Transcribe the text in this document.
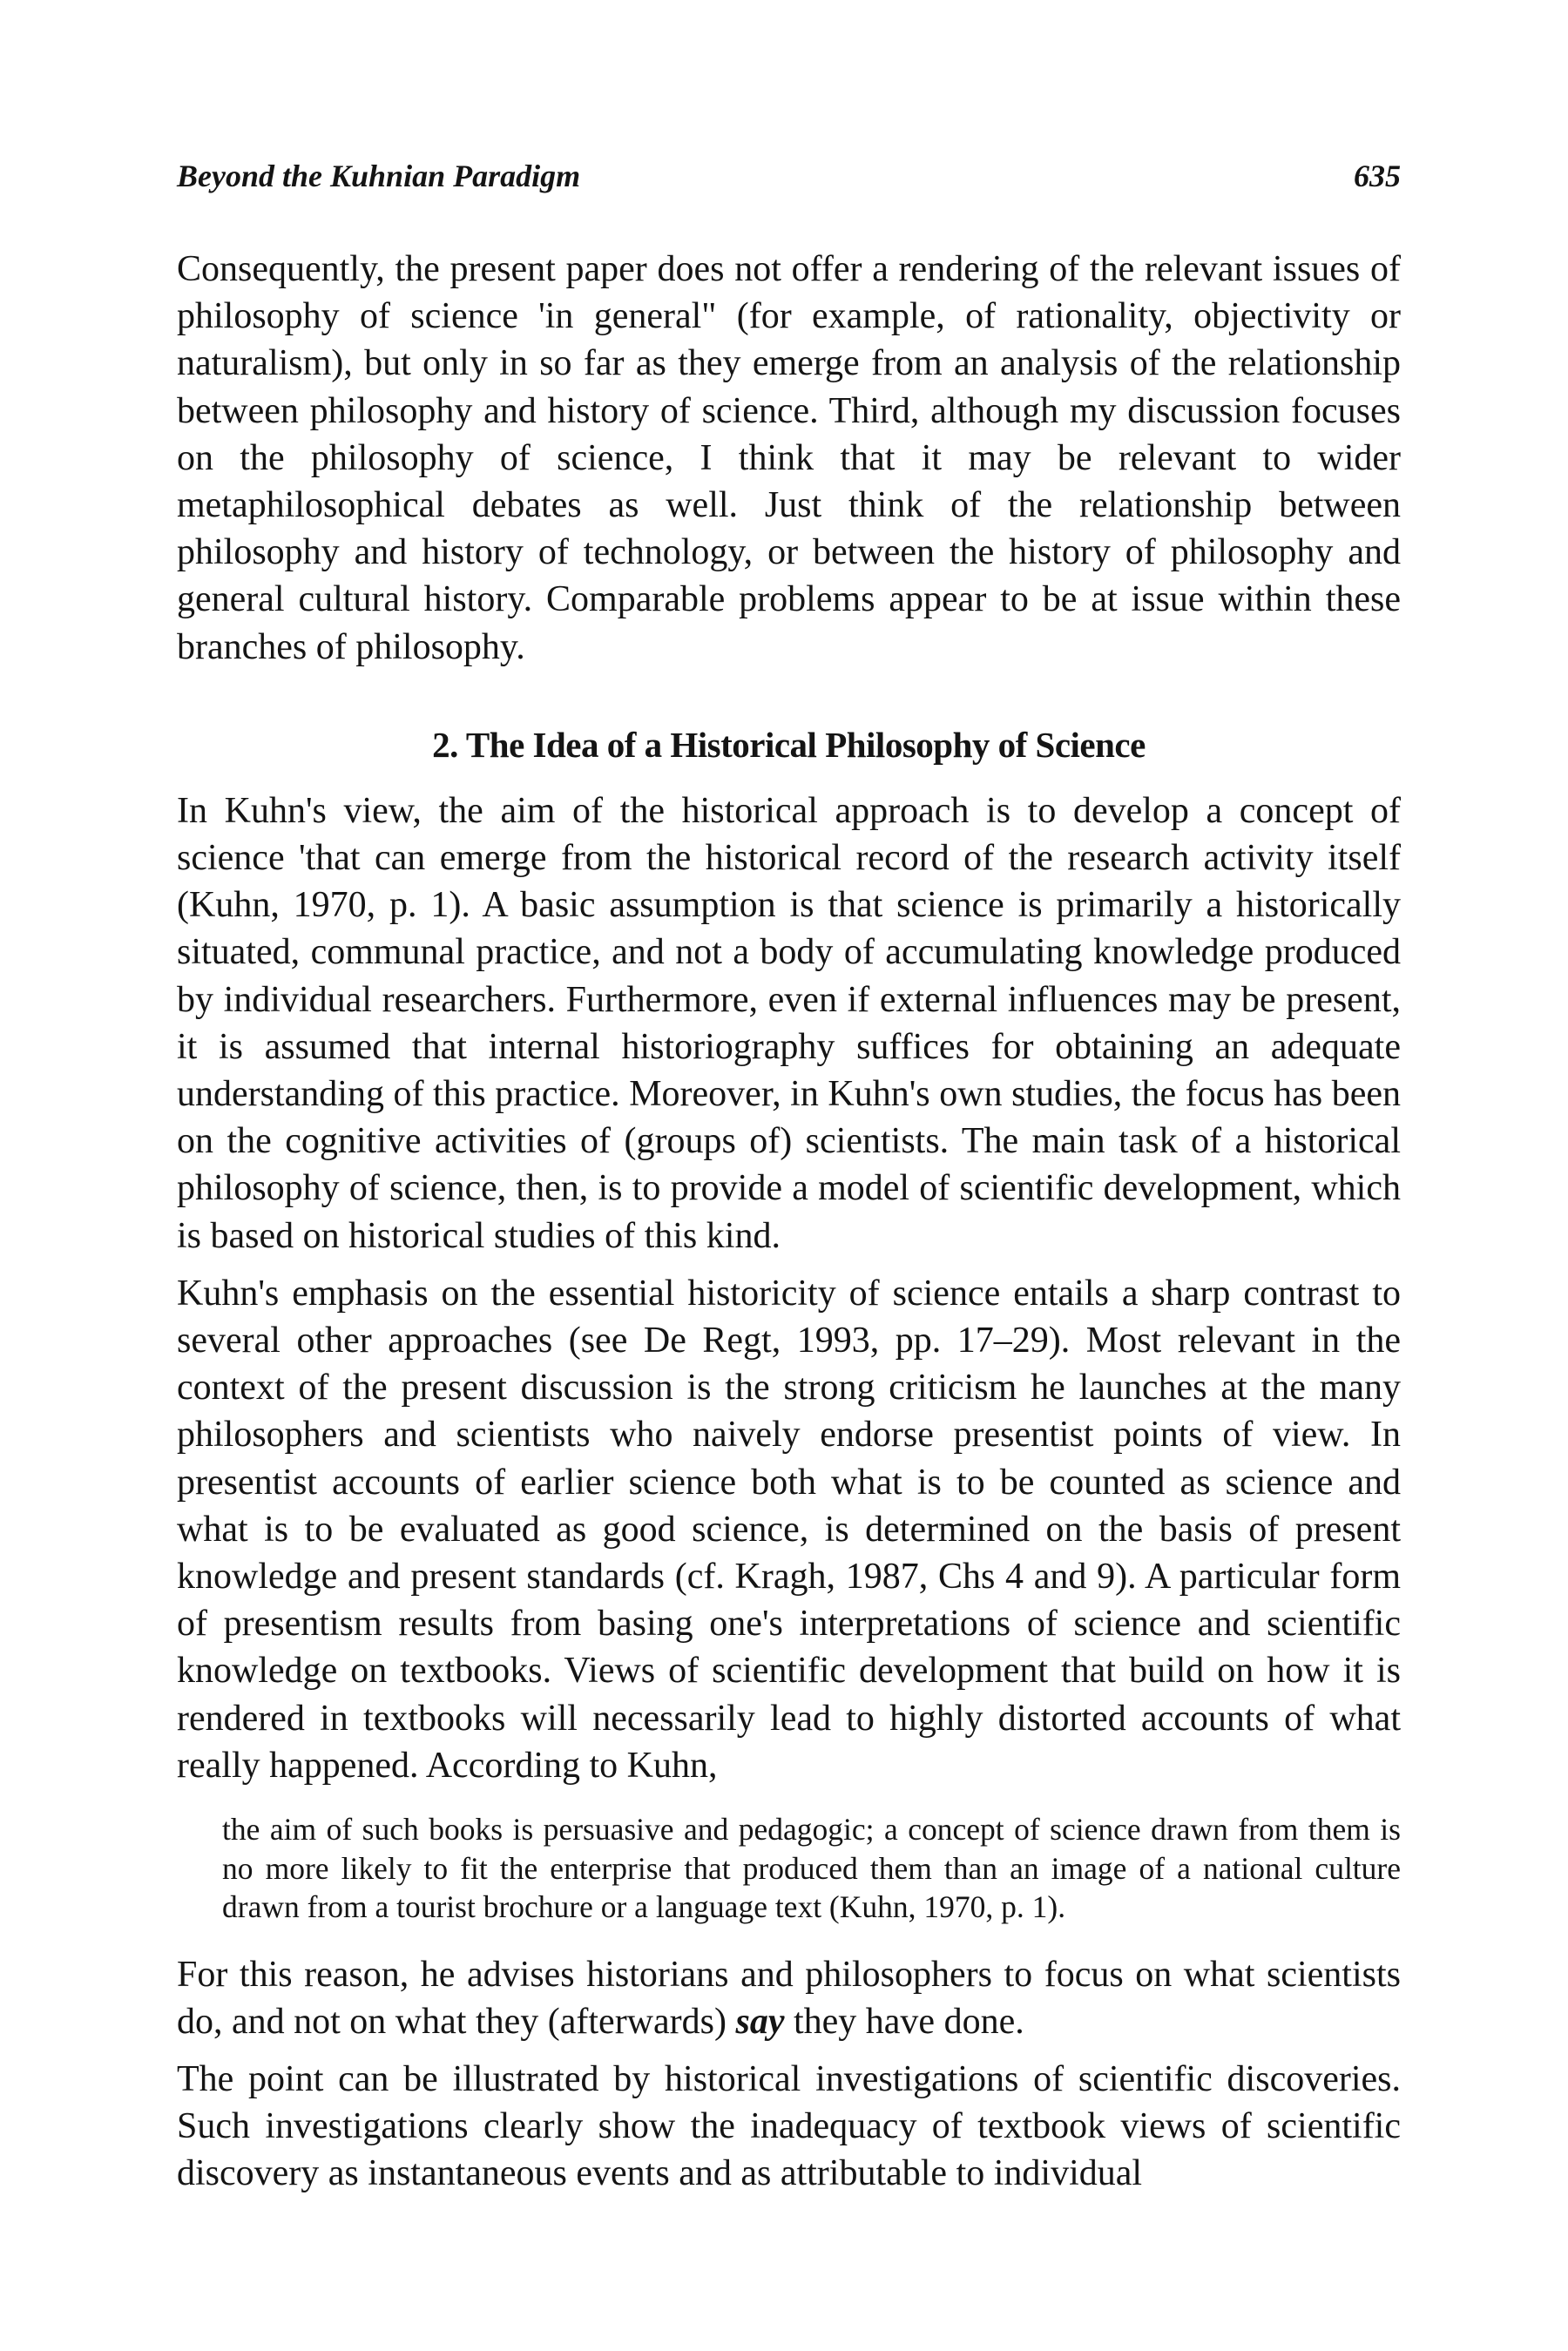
Beyond the Kuhnian Paradigm	635

Consequently, the present paper does not offer a rendering of the relevant issues of philosophy of science 'in general" (for example, of rationality, objectivity or naturalism), but only in so far as they emerge from an analysis of the relationship between philosophy and history of science. Third, although my discussion focuses on the philosophy of science, I think that it may be relevant to wider metaphilosophical debates as well. Just think of the relationship between philosophy and history of technology, or between the history of philosophy and general cultural history. Comparable problems appear to be at issue within these branches of philosophy.

2. The Idea of a Historical Philosophy of Science

In Kuhn's view, the aim of the historical approach is to develop a concept of science 'that can emerge from the historical record of the research activity itself (Kuhn, 1970, p. 1). A basic assumption is that science is primarily a historically situated, communal practice, and not a body of accumulating knowledge produced by individual researchers. Furthermore, even if external influences may be present, it is assumed that internal historiography suffices for obtaining an adequate understanding of this practice. Moreover, in Kuhn's own studies, the focus has been on the cognitive activities of (groups of) scientists. The main task of a historical philosophy of science, then, is to provide a model of scientific development, which is based on historical studies of this kind.

Kuhn's emphasis on the essential historicity of science entails a sharp contrast to several other approaches (see De Regt, 1993, pp. 17–29). Most relevant in the context of the present discussion is the strong criticism he launches at the many philosophers and scientists who naively endorse presentist points of view. In presentist accounts of earlier science both what is to be counted as science and what is to be evaluated as good science, is determined on the basis of present knowledge and present standards (cf. Kragh, 1987, Chs 4 and 9). A particular form of presentism results from basing one's interpretations of science and scientific knowledge on textbooks. Views of scientific development that build on how it is rendered in textbooks will necessarily lead to highly distorted accounts of what really happened. According to Kuhn,

the aim of such books is persuasive and pedagogic; a concept of science drawn from them is no more likely to fit the enterprise that produced them than an image of a national culture drawn from a tourist brochure or a language text (Kuhn, 1970, p. 1).

For this reason, he advises historians and philosophers to focus on what scientists do, and not on what they (afterwards) say they have done.

The point can be illustrated by historical investigations of scientific discoveries. Such investigations clearly show the inadequacy of textbook views of scientific discovery as instantaneous events and as attributable to individual
